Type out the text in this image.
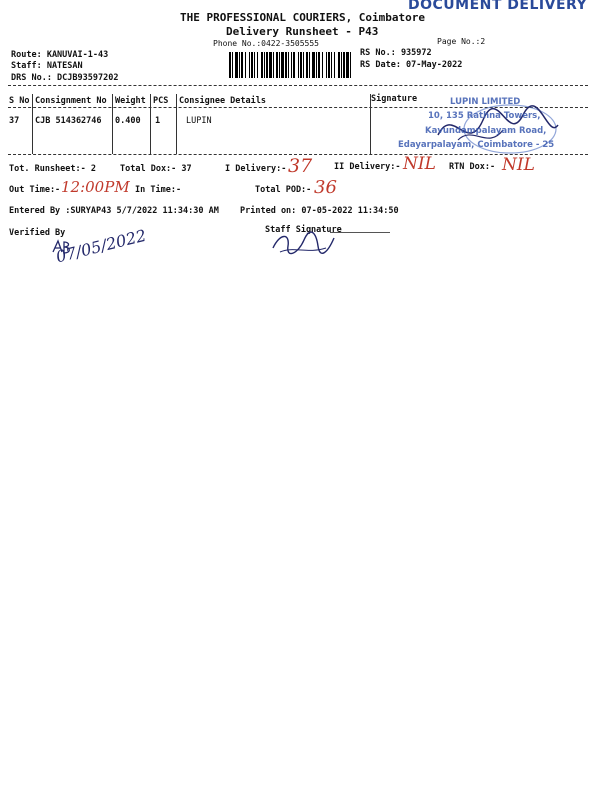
DOCUMENT DELIVERY
THE PROFESSIONAL COURIERS, Coimbatore
Delivery Runsheet - P43
Phone No.:0422-3505555	Page No.:2
Route: KANUVAI-1-43
Staff: NATESAN
DRS No.: DCJB93597202
RS No.: 935972
RS Date: 07-May-2022
S No Consignment No Weight PCS Consignee Details	Signature
37 CJB 514362746 0.400 1	LUPIN
LUPIN LIMITED
10, 135 Rathna Towers,
Kavundampalayam Road,
Edayarpalayam, Coimbatore - 25
Tot. Runsheet:- 2	Total Dox:- 37	I Delivery:- 37	II Delivery:- NIL RTN Dox:- NIL
Out Time:- 12:00PM In Time:-	Total POD:- 36
Entered By :SURYAP43 5/7/2022 11:34:30 AM Printed on: 07-05-2022 11:34:50
Verified By	Staff Signature
07/05/2022
